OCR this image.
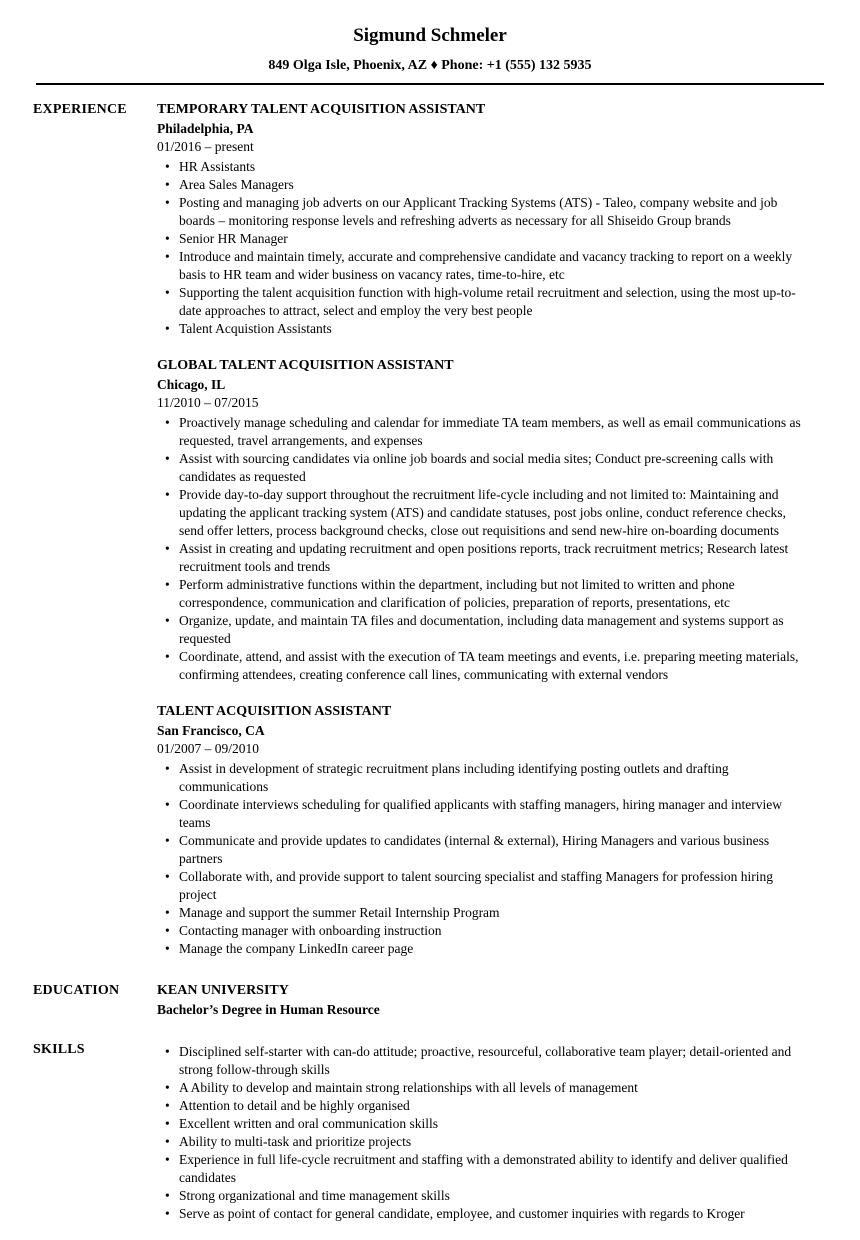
Sigmund Schmeler
849 Olga Isle, Phoenix, AZ ♦ Phone: +1 (555) 132 5935
EXPERIENCE	TEMPORARY TALENT ACQUISITION ASSISTANT
Philadelphia, PA
01/2016 – present
• HR Assistants
• Area Sales Managers
• Posting and managing job adverts on our Applicant Tracking Systems (ATS) - Taleo, company website and job boards – monitoring response levels and refreshing adverts as necessary for all Shiseido Group brands
• Senior HR Manager
• Introduce and maintain timely, accurate and comprehensive candidate and vacancy tracking to report on a weekly basis to HR team and wider business on vacancy rates, time-to-hire, etc
• Supporting the talent acquisition function with high-volume retail recruitment and selection, using the most up-to-date approaches to attract, select and employ the very best people
• Talent Acquistion Assistants
GLOBAL TALENT ACQUISITION ASSISTANT
Chicago, IL
11/2010 – 07/2015
• Proactively manage scheduling and calendar for immediate TA team members, as well as email communications as requested, travel arrangements, and expenses
• Assist with sourcing candidates via online job boards and social media sites; Conduct pre-screening calls with candidates as requested
• Provide day-to-day support throughout the recruitment life-cycle including and not limited to: Maintaining and updating the applicant tracking system (ATS) and candidate statuses, post jobs online, conduct reference checks, send offer letters, process background checks, close out requisitions and send new-hire on-boarding documents
• Assist in creating and updating recruitment and open positions reports, track recruitment metrics; Research latest recruitment tools and trends
• Perform administrative functions within the department, including but not limited to written and phone correspondence, communication and clarification of policies, preparation of reports, presentations, etc
• Organize, update, and maintain TA files and documentation, including data management and systems support as requested
• Coordinate, attend, and assist with the execution of TA team meetings and events, i.e. preparing meeting materials, confirming attendees, creating conference call lines, communicating with external vendors
TALENT ACQUISITION ASSISTANT
San Francisco, CA
01/2007 – 09/2010
• Assist in development of strategic recruitment plans including identifying posting outlets and drafting communications
• Coordinate interviews scheduling for qualified applicants with staffing managers, hiring manager and interview teams
• Communicate and provide updates to candidates (internal & external), Hiring Managers and various business partners
• Collaborate with, and provide support to talent sourcing specialist and staffing Managers for profession hiring project
• Manage and support the summer Retail Internship Program
• Contacting manager with onboarding instruction
• Manage the company LinkedIn career page
EDUCATION	KEAN UNIVERSITY
Bachelor’s Degree in Human Resource
SKILLS	• Disciplined self-starter with can-do attitude; proactive, resourceful, collaborative team player; detail-oriented and strong follow-through skills
• A Ability to develop and maintain strong relationships with all levels of management
• Attention to detail and be highly organised
• Excellent written and oral communication skills
• Ability to multi-task and prioritize projects
• Experience in full life-cycle recruitment and staffing with a demonstrated ability to identify and deliver qualified candidates
• Strong organizational and time management skills
• Serve as point of contact for general candidate, employee, and customer inquiries with regards to Kroger
